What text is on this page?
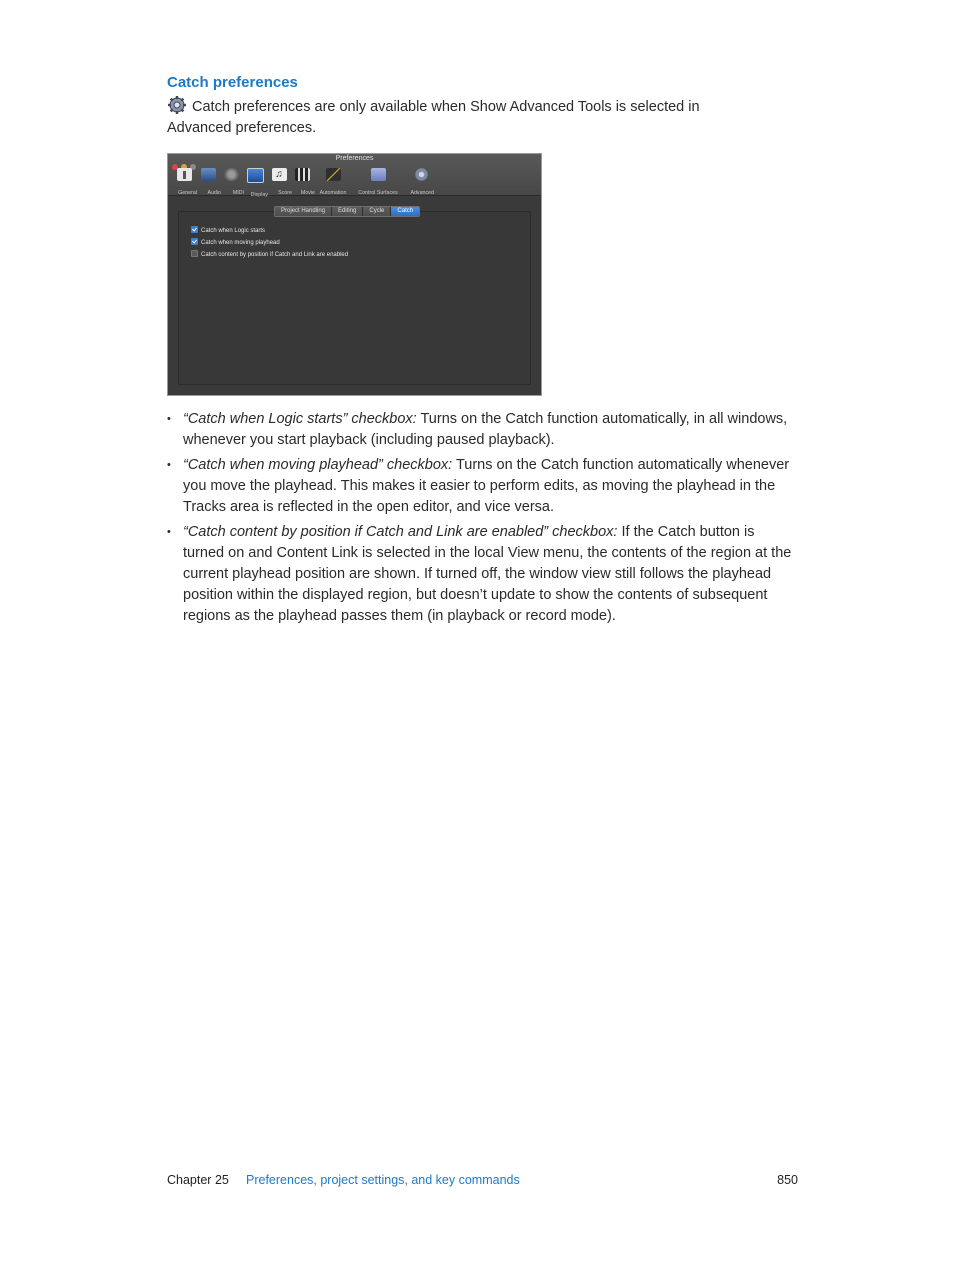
Catch preferences
Catch preferences are only available when Show Advanced Tools is selected in Advanced preferences.
Preferences
General	Audio	MIDI	Display
♫
Score	Movie Automation Control Surfaces	Advanced
Catch when Logic starts
Catch when moving playhead
Catch content by position if Catch and Link are enabled
Project Handling	Editing	Cycle	Catch
• “Catch when Logic starts” checkbox: Turns on the Catch function automatically, in all windows, whenever you start playback (including paused playback).
• “Catch when moving playhead” checkbox: Turns on the Catch function automatically whenever you move the playhead. This makes it easier to perform edits, as moving the playhead in the Tracks area is reflected in the open editor, and vice versa.
• “Catch content by position if Catch and Link are enabled” checkbox: If the Catch button is turned on and Content Link is selected in the local View menu, the contents of the region at the current playhead position are shown. If turned off, the window view still follows the playhead position within the displayed region, but doesn’t update to show the contents of subsequent regions as the playhead passes them (in playback or record mode).
Chapter 25 Preferences, project settings, and key commands	850
